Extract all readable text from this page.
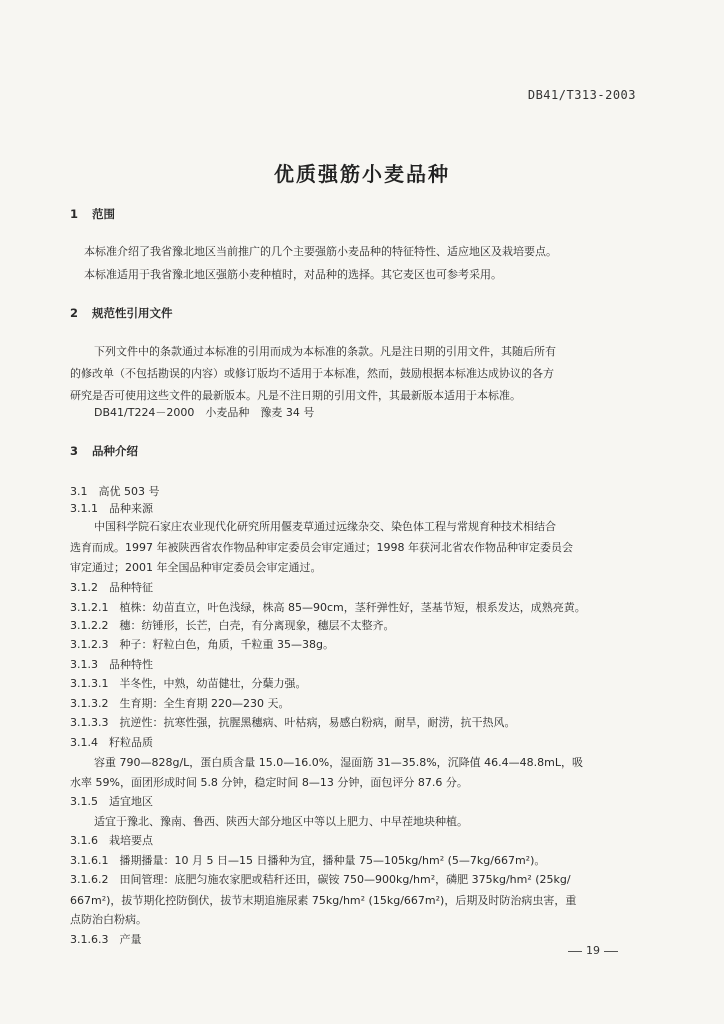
DB41/T313-2003
优质强筋小麦品种
1 范围
本标准介绍了我省豫北地区当前推广的几个主要强筋小麦品种的特征特性、适应地区及栽培要点。
本标准适用于我省豫北地区强筋小麦种植时，对品种的选择。其它麦区也可参考采用。
2 规范性引用文件
下列文件中的条款通过本标准的引用而成为本标准的条款。凡是注日期的引用文件，其随后所有
的修改单（不包括勘误的内容）或修订版均不适用于本标准，然而，鼓励根据本标准达成协议的各方
研究是否可使用这些文件的最新版本。凡是不注日期的引用文件，其最新版本适用于本标准。
DB41/T224－2000　小麦品种　豫麦 34 号
3 品种介绍
3.1　高优 503 号
3.1.1　品种来源
中国科学院石家庄农业现代化研究所用偃麦草通过远缘杂交、染色体工程与常规育种技术相结合
选育而成。1997 年被陕西省农作物品种审定委员会审定通过；1998 年获河北省农作物品种审定委员会
审定通过；2001 年全国品种审定委员会审定通过。
3.1.2　品种特征
3.1.2.1　植株：幼苗直立，叶色浅绿，株高 85—90cm，茎秆弹性好，茎基节短，根系发达，成熟亮黄。
3.1.2.2　穗：纺锤形，长芒，白壳，有分离现象，穗层不太整齐。
3.1.2.3　种子：籽粒白色，角质，千粒重 35—38g。
3.1.3　品种特性
3.1.3.1　半冬性，中熟，幼苗健壮，分蘖力强。
3.1.3.2　生育期：全生育期 220—230 天。
3.1.3.3　抗逆性：抗寒性强，抗腥黑穗病、叶枯病，易感白粉病，耐旱，耐涝，抗干热风。
3.1.4　籽粒品质
容重 790—828g/L，蛋白质含量 15.0—16.0%，湿面筋 31—35.8%，沉降值 46.4—48.8mL，吸
水率 59%，面团形成时间 5.8 分钟，稳定时间 8—13 分钟，面包评分 87.6 分。
3.1.5　适宜地区
适宜于豫北、豫南、鲁西、陕西大部分地区中等以上肥力、中早茬地块种植。
3.1.6　栽培要点
3.1.6.1　播期播量：10 月 5 日—15 日播种为宜，播种量 75—105kg/hm² (5—7kg/667m²)。
3.1.6.2　田间管理：底肥匀施农家肥或秸秆还田，碳铵 750—900kg/hm²，磷肥 375kg/hm² (25kg/
667m²)，拔节期化控防倒伏，拔节末期追施尿素 75kg/hm² (15kg/667m²)，后期及时防治病虫害，重
点防治白粉病。
3.1.6.3　产量
19
